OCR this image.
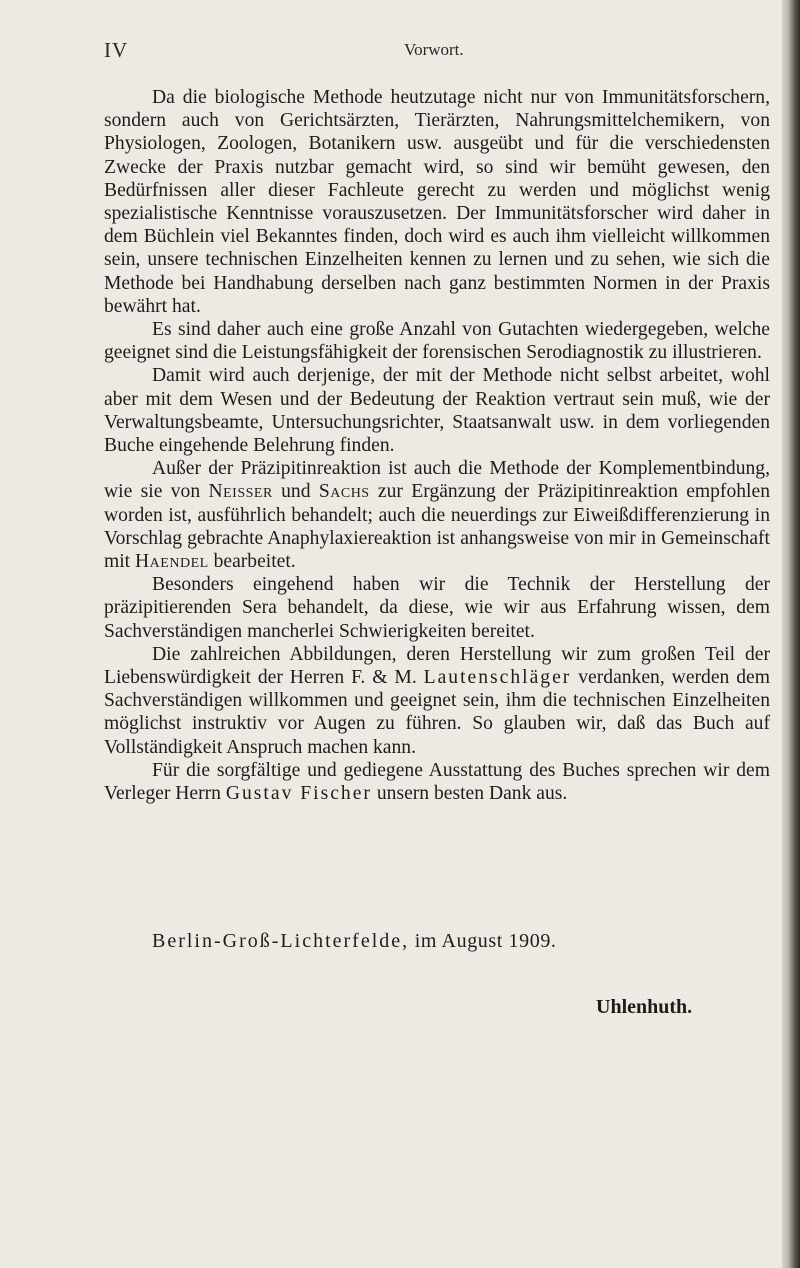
IV	Vorwort.

Da die biologische Methode heutzutage nicht nur von Immunitätsforschern, sondern auch von Gerichtsärzten, Tierärzten, Nahrungsmittelchemikern, von Physiologen, Zoologen, Botanikern usw. ausgeübt und für die verschiedensten Zwecke der Praxis nutzbar gemacht wird, so sind wir bemüht gewesen, den Bedürfnissen aller dieser Fachleute gerecht zu werden und möglichst wenig spezialistische Kenntnisse vorauszusetzen. Der Immunitätsforscher wird daher in dem Büchlein viel Bekanntes finden, doch wird es auch ihm vielleicht willkommen sein, unsere technischen Einzelheiten kennen zu lernen und zu sehen, wie sich die Methode bei Handhabung derselben nach ganz bestimmten Normen in der Praxis bewährt hat.

Es sind daher auch eine große Anzahl von Gutachten wiedergegeben, welche geeignet sind die Leistungsfähigkeit der forensischen Serodiagnostik zu illustrieren.

Damit wird auch derjenige, der mit der Methode nicht selbst arbeitet, wohl aber mit dem Wesen und der Bedeutung der Reaktion vertraut sein muß, wie der Verwaltungsbeamte, Untersuchungsrichter, Staatsanwalt usw. in dem vorliegenden Buche eingehende Belehrung finden.

Außer der Präzipitinreaktion ist auch die Methode der Komplementbindung, wie sie von Neisser und Sachs zur Ergänzung der Präzipitinreaktion empfohlen worden ist, ausführlich behandelt; auch die neuerdings zur Eiweißdifferenzierung in Vorschlag gebrachte Anaphylaxiereaktion ist anhangsweise von mir in Gemeinschaft mit Haendel bearbeitet.

Besonders eingehend haben wir die Technik der Herstellung der präzipitierenden Sera behandelt, da diese, wie wir aus Erfahrung wissen, dem Sachverständigen mancherlei Schwierigkeiten bereitet.

Die zahlreichen Abbildungen, deren Herstellung wir zum großen Teil der Liebenswürdigkeit der Herren F. & M. Lautenschläger verdanken, werden dem Sachverständigen willkommen und geeignet sein, ihm die technischen Einzelheiten möglichst instruktiv vor Augen zu führen. So glauben wir, daß das Buch auf Vollständigkeit Anspruch machen kann.

Für die sorgfältige und gediegene Ausstattung des Buches sprechen wir dem Verleger Herrn Gustav Fischer unsern besten Dank aus.

Berlin-Groß-Lichterfelde, im August 1909.
Uhlenhuth.
